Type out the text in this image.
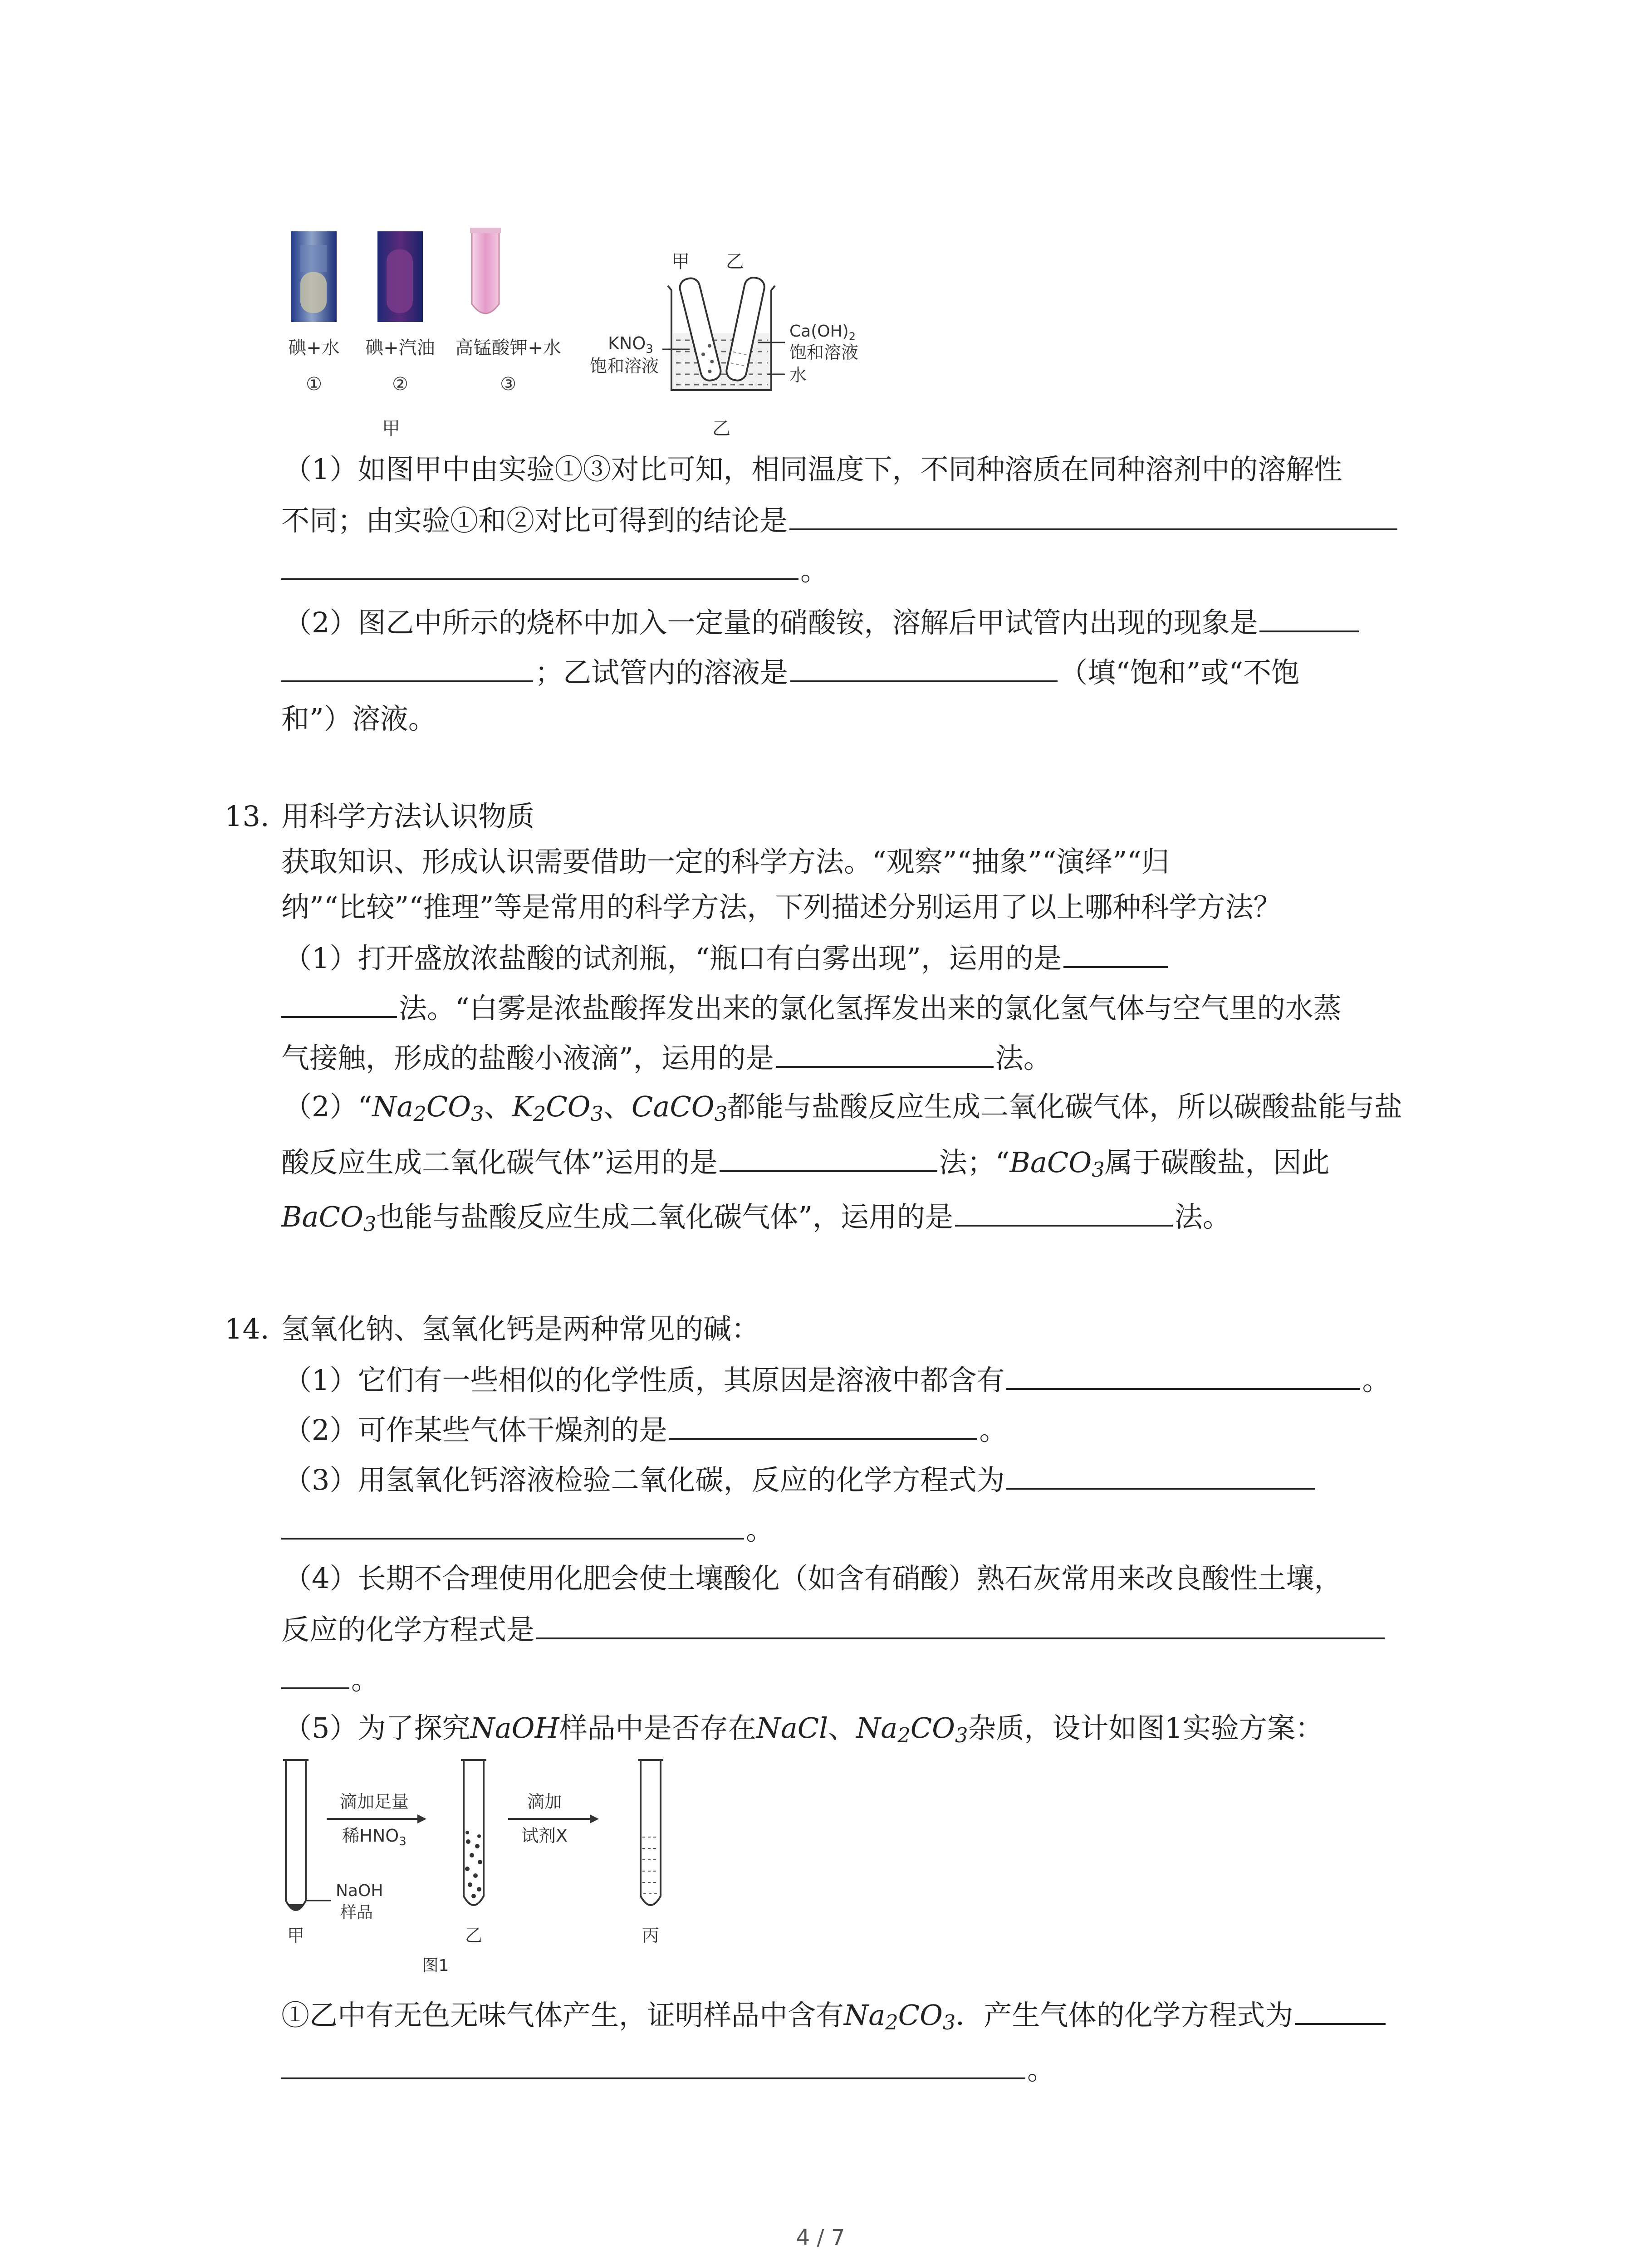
碘+水 碘+汽油 高锰酸钾+水
①	②	③
甲
甲 乙
$KNO_3$
饱和溶液
$Ca(OH)_2$
饱和溶液
水
乙
（1）如图甲中由实验①③对比可知，相同温度下，不同种溶质在同种溶剂中的溶解性
不同；由实验①和②对比可得到的结论是
。
（2）图乙中所示的烧杯中加入一定量的硝酸铵，溶解后甲试管内出现的现象是
；乙试管内的溶液是	（填“饱和”或“不饱
和”）溶液。
13. 用科学方法认识物质
获取知识、形成认识需要借助一定的科学方法。“观察”“抽象”“演绎”“归
纳”“比较”“推理”等是常用的科学方法，下列描述分别运用了以上哪种科学方法？
（1）打开盛放浓盐酸的试剂瓶，“瓶口有白雾出现”，运用的是
法。“白雾是浓盐酸挥发出来的氯化氢挥发出来的氯化氢气体与空气里的水蒸
气接触，形成的盐酸小液滴”，运用的是	法。
$(2)“Na_2CO_3$、$K_2CO_3$、CaCO$_3$都能与盐酸反应生成二氧化碳气体，所以碳酸盐能与盐
酸反应生成二氧化碳气体”运用的是	法；“BaCO$_3$属于碳酸盐，因此
BaCO$_3$也能与盐酸反应生成二氧化碳气体”，运用的是	法。
14. 氢氧化钠、氢氧化钙是两种常见的碱：
（1）它们有一些相似的化学性质，其原因是溶液中都含有	。
（2）可作某些气体干燥剂的是	。
（3）用氢氧化钙溶液检验二氧化碳，反应的化学方程式为
。
（4）长期不合理使用化肥会使土壤酸化（如含有硝酸）熟石灰常用来改良酸性土壤，
反应的化学方程式是
。
（5）为了探究NaOH样品中是否存在NaCl、$Na_2CO_3$杂质，设计如图1实验方案：
NaOH
样品
甲
滴加足量
稀$HNO_3$
乙
滴加
试剂X
丙
图1
①乙中有无色无味气体产生，证明样品中含有$Na_2CO_3$．产生气体的化学方程式为
。
4 / 7
